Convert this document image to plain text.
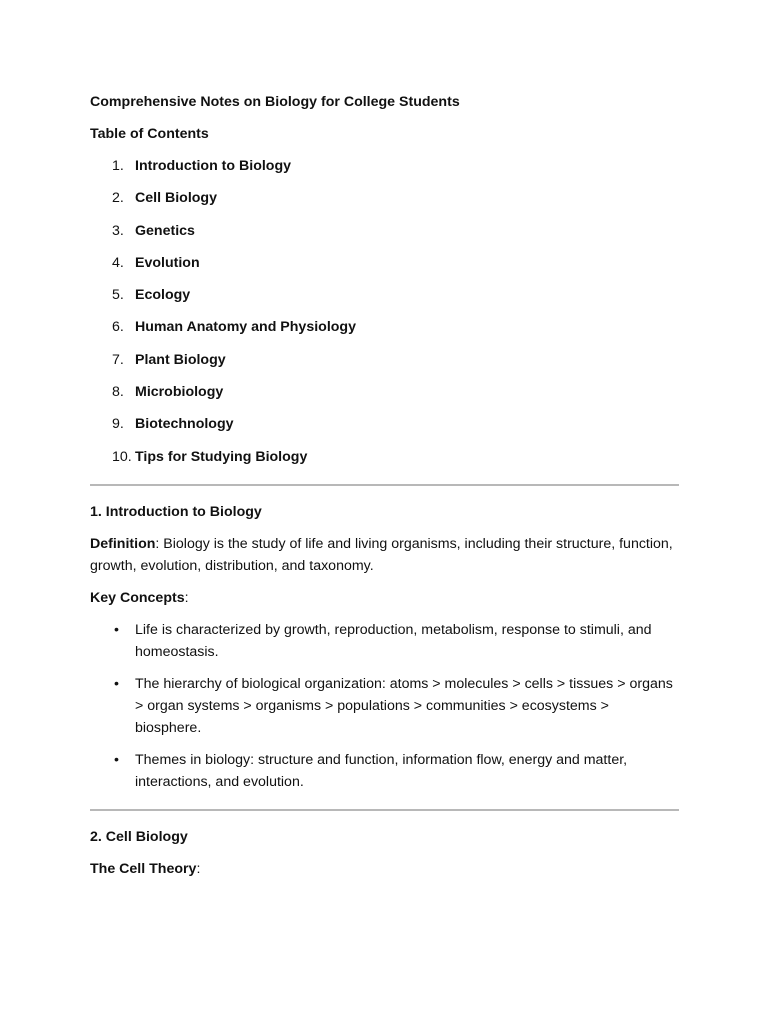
Comprehensive Notes on Biology for College Students

Table of Contents

1. Introduction to Biology
2. Cell Biology
3. Genetics
4. Evolution
5. Ecology
6. Human Anatomy and Physiology
7. Plant Biology
8. Microbiology
9. Biotechnology
10. Tips for Studying Biology

1. Introduction to Biology

Definition: Biology is the study of life and living organisms, including their structure, function, growth, evolution, distribution, and taxonomy.

Key Concepts:

• Life is characterized by growth, reproduction, metabolism, response to stimuli, and homeostasis.
• The hierarchy of biological organization: atoms > molecules > cells > tissues > organs > organ systems > organisms > populations > communities > ecosystems > biosphere.
• Themes in biology: structure and function, information flow, energy and matter, interactions, and evolution.

2. Cell Biology

The Cell Theory:
